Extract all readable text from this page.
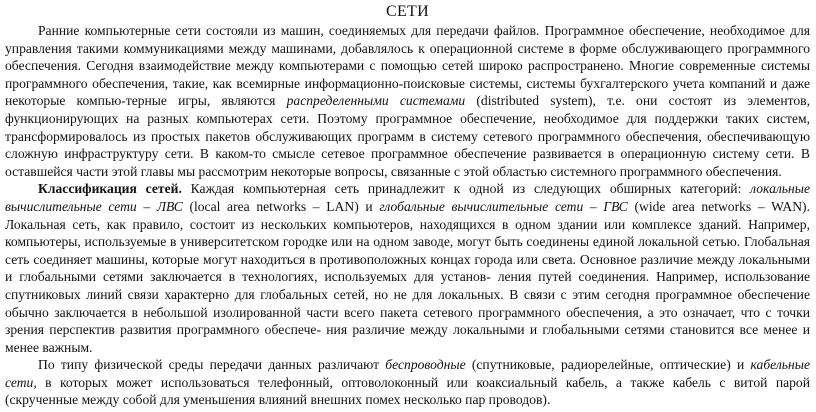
СЕТИ

Ранние компьютерные сети состояли из машин, соединяемых для передачи файлов. Программное обеспечение, необходимое для управления такими коммуникациями между машинами, добавлялось к операционной системе в форме обслуживающего программного обеспечения. Сегодня взаимодействие между компьютерами с помощью сетей широко распространено. Многие современные системы программного обеспечения, такие, как всемирные информационно-поисковые системы, системы бухгалтерского учета компаний и даже некоторые компью-терные игры, являются распределенными системами (distributed system), т.е. они состоят из элементов, функционирующих на разных компьютерах сети. Поэтому программное обеспечение, необходимое для поддержки таких систем, трансформировалось из простых пакетов обслуживающих программ в систему сетевого программного обеспечения, обеспечивающую сложную инфраструктуру сети. В каком-то смысле сетевое программное обеспечение развивается в операционную систему сети. В оставшейся части этой главы мы рассмотрим некоторые вопросы, связанные с этой областью системного программного обеспечения.

Классификация сетей. Каждая компьютерная сеть принадлежит к одной из следующих обширных категорий: локальные вычислительные сети – ЛВС (local area networks – LAN) и глобальные вычислительные сети – ГВС (wide area networks – WAN). Локальная сеть, как правило, состоит из нескольких компьютеров, находящихся в одном здании или комплексе зданий. Например, компьютеры, используемые в университетском городке или на одном заводе, могут быть соединены единой локальной сетью. Глобальная сеть соединяет машины, которые могут находиться в противоположных концах города или света. Основное различие между локальными и глобальными сетями заключается в технологиях, используемых для установ- ления путей соединения. Например, использование спутниковых линий связи характерно для глобальных сетей, но не для локальных. В связи с этим сегодня программное обеспечение обычно заключается в небольшой изолированной части всего пакета сетевого программного обеспечения, а это означает, что с точки зрения перспектив развития программного обеспече- ния различие между локальными и глобальными сетями становится все менее и менее важным.

По типу физической среды передачи данных различают беспроводные (спутниковые, радиорелейные, оптические) и кабельные сети, в которых может использоваться телефонный, оптоволоконный или коаксиальный кабель, а также кабель с витой парой (скрученные между собой для уменьшения влияний внешних помех несколько пар проводов).
